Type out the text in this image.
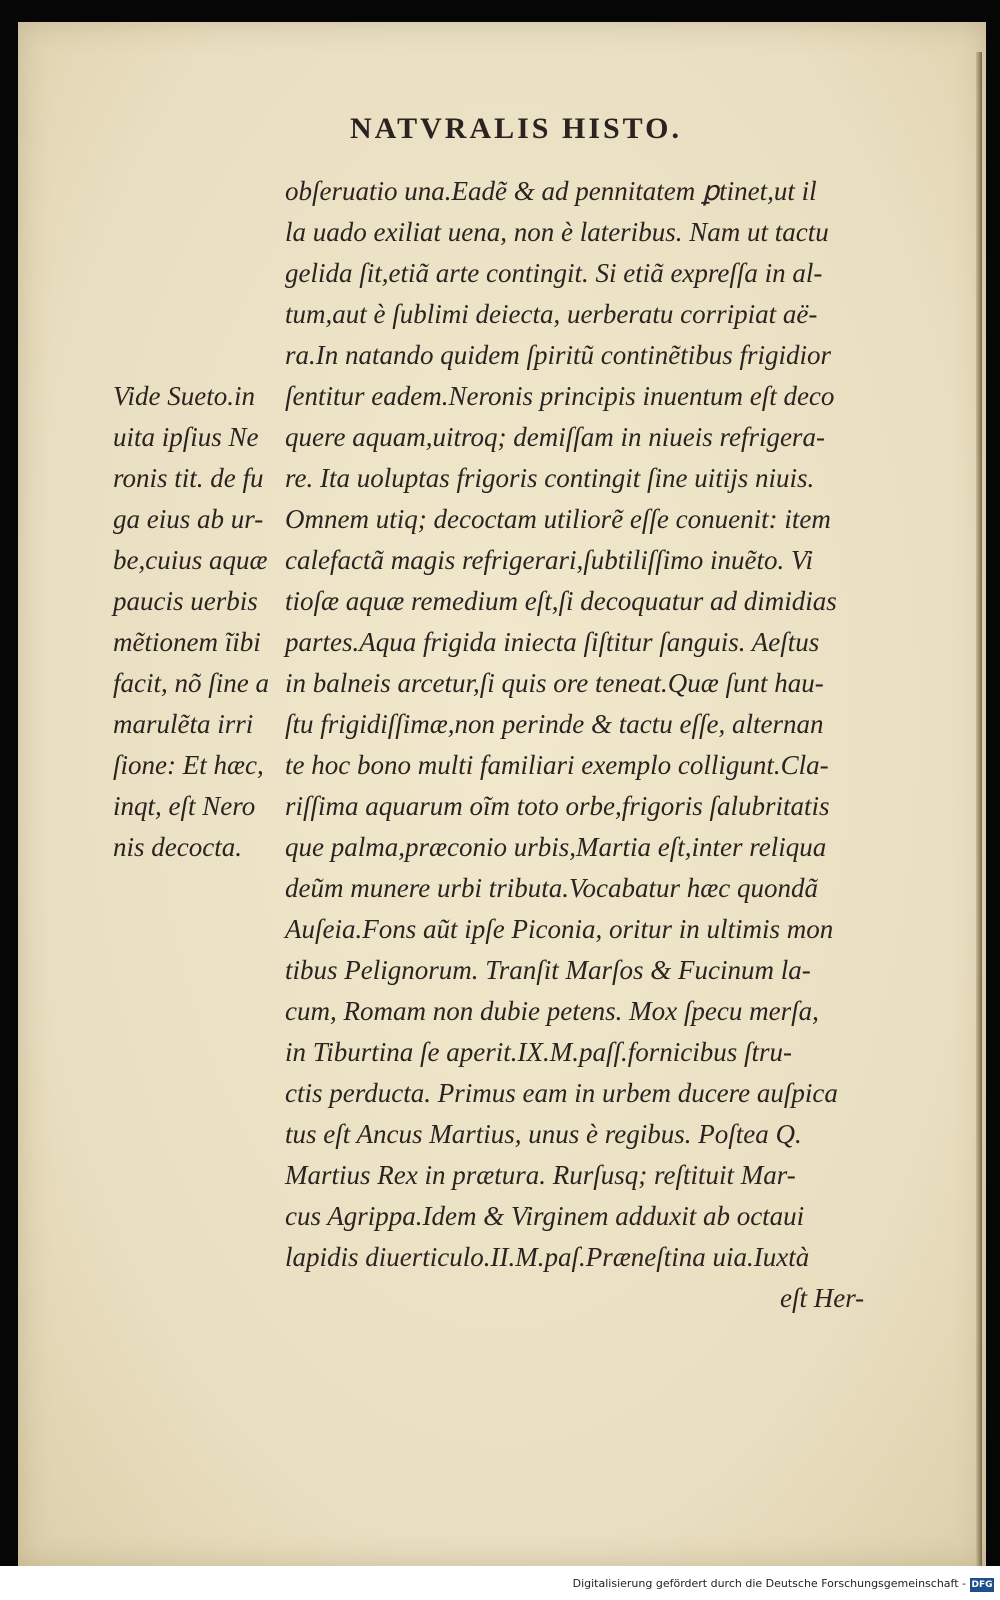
NATVRALIS HISTO.
obſeruatio una.Eadẽ & ad pennitatem ꝑtinet,ut il
la uado exiliat uena, non è lateribus. Nam ut tactu
gelida ſit,etiã arte contingit. Si etiã expreſſa in al-
tum,aut è ſublimi deiecta, uerberatu corripiat aë-
ra.In natando quidem ſpiritũ continẽtibus frigidior
ſentitur eadem.Neronis principis inuentum eſt deco
quere aquam,uitroq; demiſſam in niueis refrigera-
re. Ita uoluptas frigoris contingit ſine uitijs niuis.
Omnem utiq; decoctam utiliorẽ eſſe conuenit: item
calefactã magis refrigerari,ſubtiliſſimo inuẽto. Vi
tioſæ aquæ remedium eſt,ſi decoquatur ad dimidias
partes.Aqua frigida iniecta ſiſtitur ſanguis. Aeſtus
in balneis arcetur,ſi quis ore teneat.Quæ ſunt hau-
ſtu frigidiſſimæ,non perinde & tactu eſſe, alternan
te hoc bono multi familiari exemplo colligunt.Cla-
riſſima aquarum oĩm toto orbe,frigoris ſalubritatis
que palma,præconio urbis,Martia eſt,inter reliqua
deũm munere urbi tributa.Vocabatur hæc quondã
Auſeia.Fons aũt ipſe Piconia, oritur in ultimis mon
tibus Pelignorum. Tranſit Marſos & Fucinum la-
cum, Romam non dubie petens. Mox ſpecu merſa,
in Tiburtina ſe aperit.IX.M.paſſ.fornicibus ſtru-
ctis perducta. Primus eam in urbem ducere auſpica
tus eſt Ancus Martius, unus è regibus. Poſtea Q.
Martius Rex in prætura. Rurſusq; reſtituit Mar-
cus Agrippa.Idem & Virginem adduxit ab octaui
lapidis diuerticulo.II.M.paſ.Præneſtina uia.Iuxtà
eſt Her-
Vide Sueto.in
uita ipſius Ne
ronis tit. de fu
ga eius ab ur-
be,cuius aquæ
paucis uerbis
mẽtionem ĩibi
facit, nõ ſine a
marulẽta irri
ſione: Et hæc,
inqt, eſt Nero
nis decocta.
Digitalisierung gefördert durch die Deutsche Forschungsgemeinschaft - DFG
